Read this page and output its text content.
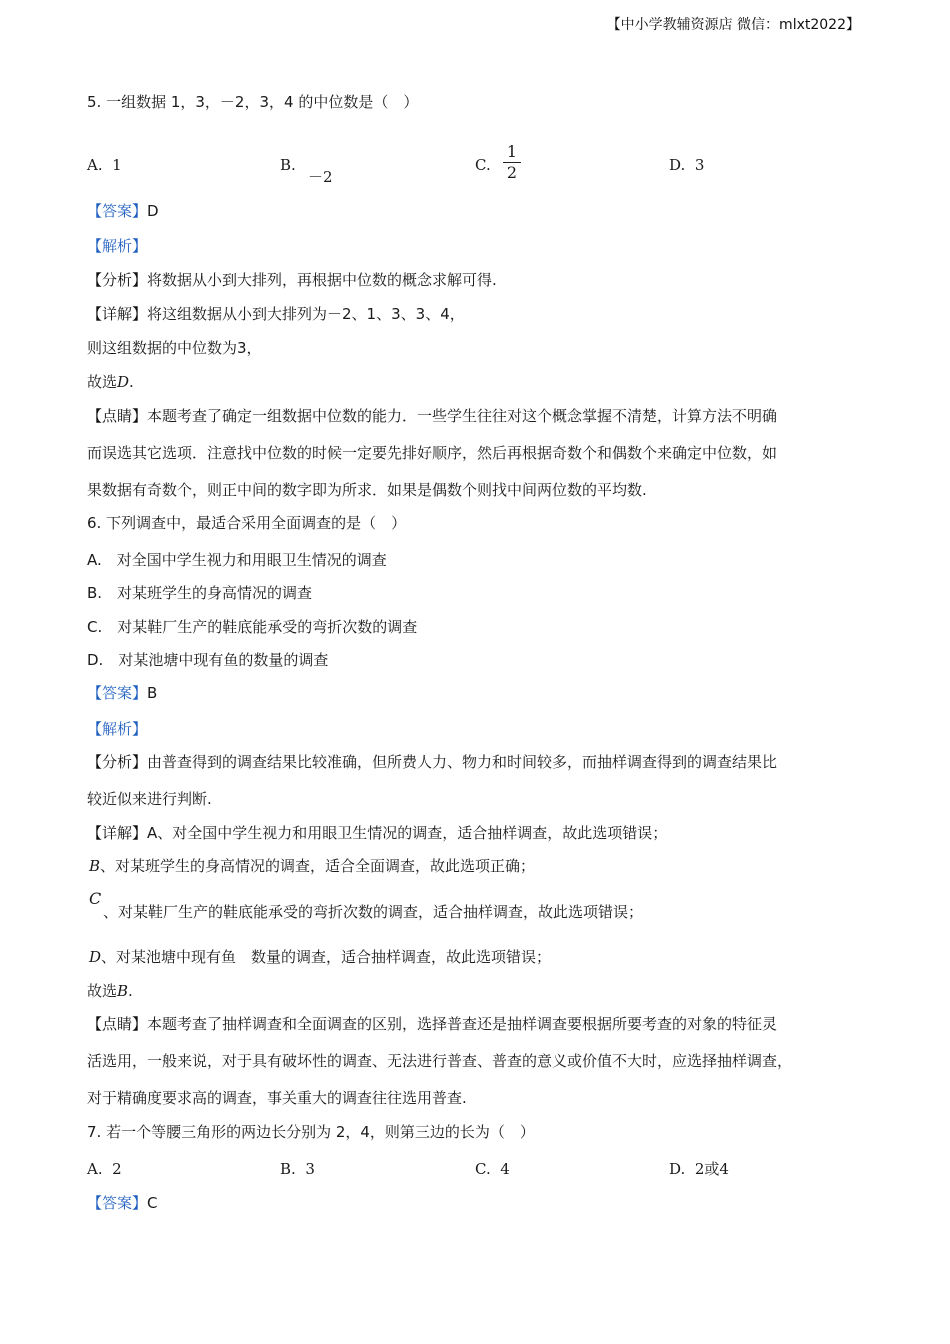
【中小学教辅资源店 微信：mlxt2022】
5. 一组数据 1，3，－2，3，4 的中位数是（　）
A. 1	B.
－2
C.
1
2	D. 3
【答案】D
【解析】
【分析】将数据从小到大排列，再根据中位数的概念求解可得.
【详解】将这组数据从小到大排列为－2、1、3、3、4，
则这组数据的中位数为3，
故选D.
【点睛】本题考查了确定一组数据中位数的能力．一些学生往往对这个概念掌握不清楚，计算方法不明确
而误选其它选项．注意找中位数的时候一定要先排好顺序，然后再根据奇数个和偶数个来确定中位数，如
果数据有奇数个，则正中间的数字即为所求．如果是偶数个则找中间两位数的平均数.
6. 下列调查中，最适合采用全面调查的是（　）
A.　对全国中学生视力和用眼卫生情况的调查
B.　对某班学生的身高情况的调查
C.　对某鞋厂生产的鞋底能承受的弯折次数的调查
D.　对某池塘中现有鱼的数量的调查
【答案】B
【解析】
【分析】由普查得到的调查结果比较准确，但所费人力、物力和时间较多，而抽样调查得到的调查结果比
较近似来进行判断.
【详解】A、对全国中学生视力和用眼卫生情况的调查，适合抽样调查，故此选项错误；
B、对某班学生的身高情况的调查，适合全面调查，故此选项正确；
C
、对某鞋厂生产的鞋底能承受的弯折次数的调查，适合抽样调查，故此选项错误；
D、对某池塘中现有鱼　数量的调查，适合抽样调查，故此选项错误；
故选B.
【点睛】本题考查了抽样调查和全面调查的区别，选择普查还是抽样调查要根据所要考查的对象的特征灵
活选用，一般来说，对于具有破坏性的调查、无法进行普查、普查的意义或价值不大时，应选择抽样调查，
对于精确度要求高的调查，事关重大的调查往往选用普查.
7. 若一个等腰三角形的两边长分别为 2，4，则第三边的长为（　）
A. 2	B. 3	C. 4	D. 2或4
【答案】C
